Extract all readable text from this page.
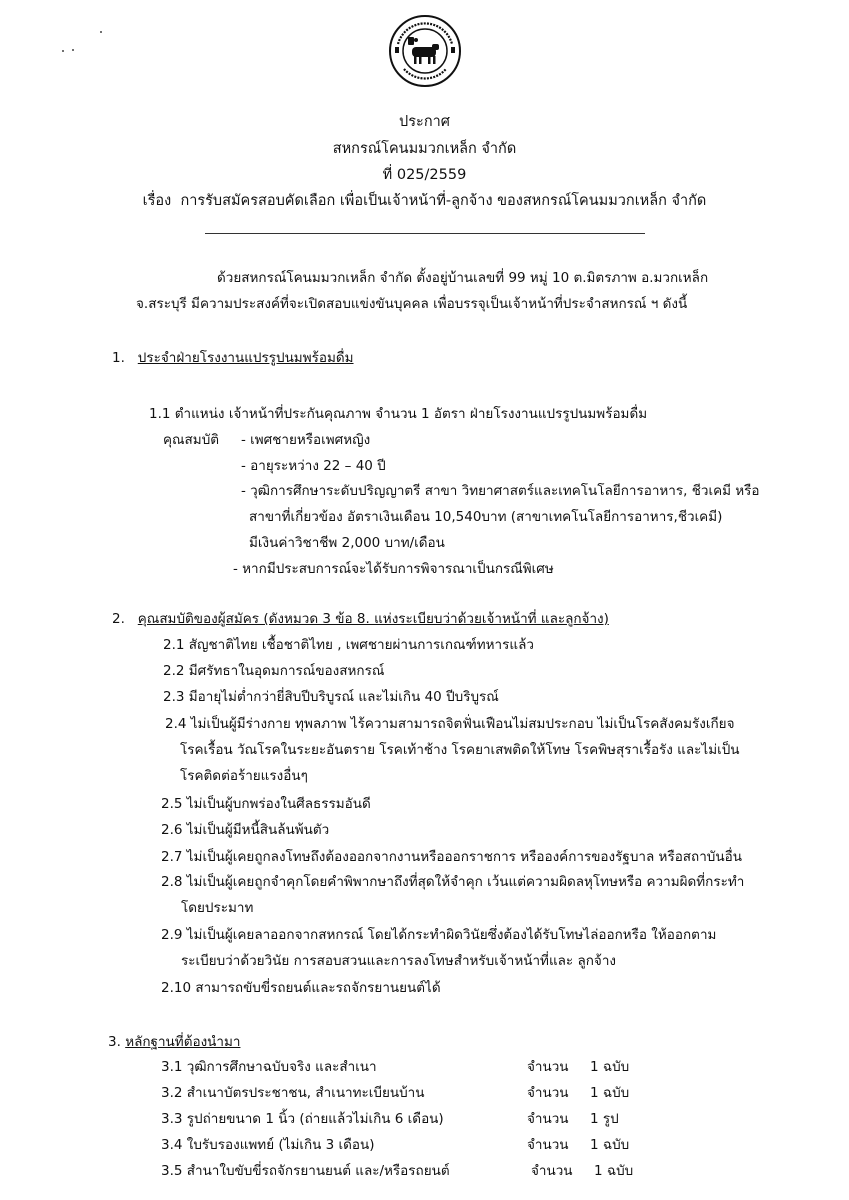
ประกาศ
สหกรณ์โคนมมวกเหล็ก จำกัด
ที่ 025/2559
เรื่อง การรับสมัครสอบคัดเลือก เพื่อเป็นเจ้าหน้าที่-ลูกจ้าง ของสหกรณ์โคนมมวกเหล็ก จำกัด
ด้วยสหกรณ์โคนมมวกเหล็ก จำกัด ตั้งอยู่บ้านเลขที่ 99 หมู่ 10 ต.มิตรภาพ อ.มวกเหล็ก
จ.สระบุรี มีความประสงค์ที่จะเปิดสอบแข่งขันบุคคล เพื่อบรรจุเป็นเจ้าหน้าที่ประจำสหกรณ์ ฯ ดังนี้
1. ประจำฝ่ายโรงงานแปรรูปนมพร้อมดื่ม
1.1 ตำแหน่ง เจ้าหน้าที่ประกันคุณภาพ จำนวน 1 อัตรา ฝ่ายโรงงานแปรรูปนมพร้อมดื่ม
คุณสมบัติ - เพศชายหรือเพศหญิง
- อายุระหว่าง 22 – 40 ปี
- วุฒิการศึกษาระดับปริญญาตรี สาขา วิทยาศาสตร์และเทคโนโลยีการอาหาร, ชีวเคมี หรือ
สาขาที่เกี่ยวข้อง อัตราเงินเดือน 10,540บาท (สาขาเทคโนโลยีการอาหาร,ชีวเคมี)
มีเงินค่าวิชาชีพ 2,000 บาท/เดือน
- หากมีประสบการณ์จะได้รับการพิจารณาเป็นกรณีพิเศษ
2. คุณสมบัติของผู้สมัคร (ดังหมวด 3 ข้อ 8. แห่งระเบียบว่าด้วยเจ้าหน้าที่ และลูกจ้าง)
2.1 สัญชาติไทย เชื้อชาติไทย , เพศชายผ่านการเกณฑ์ทหารแล้ว
2.2 มีศรัทธาในอุดมการณ์ของสหกรณ์
2.3 มีอายุไม่ต่ำกว่ายี่สิบปีบริบูรณ์ และไม่เกิน 40 ปีบริบูรณ์
2.4 ไม่เป็นผู้มีร่างกาย ทุพลภาพ ไร้ความสามารถจิตฟั่นเฟือนไม่สมประกอบ ไม่เป็นโรคสังคมรังเกียจ
โรคเรื้อน วัณโรคในระยะอันตราย โรคเท้าช้าง โรคยาเสพติดให้โทษ โรคพิษสุราเรื้อรัง และไม่เป็น
โรคติดต่อร้ายแรงอื่นๆ
2.5 ไม่เป็นผู้บกพร่องในศีลธรรมอันดี
2.6 ไม่เป็นผู้มีหนี้สินล้นพ้นตัว
2.7 ไม่เป็นผู้เคยถูกลงโทษถึงต้องออกจากงานหรือออกราชการ หรือองค์การของรัฐบาล หรือสถาบันอื่น
2.8 ไม่เป็นผู้เคยถูกจำคุกโดยคำพิพากษาถึงที่สุดให้จำคุก เว้นแต่ความผิดลหุโทษหรือ ความผิดที่กระทำ
โดยประมาท
2.9 ไม่เป็นผู้เคยลาออกจากสหกรณ์ โดยได้กระทำผิดวินัยซึ่งต้องได้รับโทษไล่ออกหรือ ให้ออกตาม
ระเบียบว่าด้วยวินัย การสอบสวนและการลงโทษสำหรับเจ้าหน้าที่และ ลูกจ้าง
2.10 สามารถขับขี่รถยนต์และรถจักรยานยนต์ได้
3. หลักฐานที่ต้องนำมา
3.1 วุฒิการศึกษาฉบับจริง และสำเนา	จำนวน 1 ฉบับ
3.2 สำเนาบัตรประชาชน, สำเนาทะเบียนบ้าน	จำนวน 1 ฉบับ
3.3 รูปถ่ายขนาด 1 นิ้ว (ถ่ายแล้วไม่เกิน 6 เดือน)	จำนวน 1 รูป
3.4 ใบรับรองแพทย์ (ไม่เกิน 3 เดือน)	จำนวน 1 ฉบับ
3.5 สำนาใบขับขี่รถจักรยานยนต์ และ/หรือรถยนต์	จำนวน 1 ฉบับ
